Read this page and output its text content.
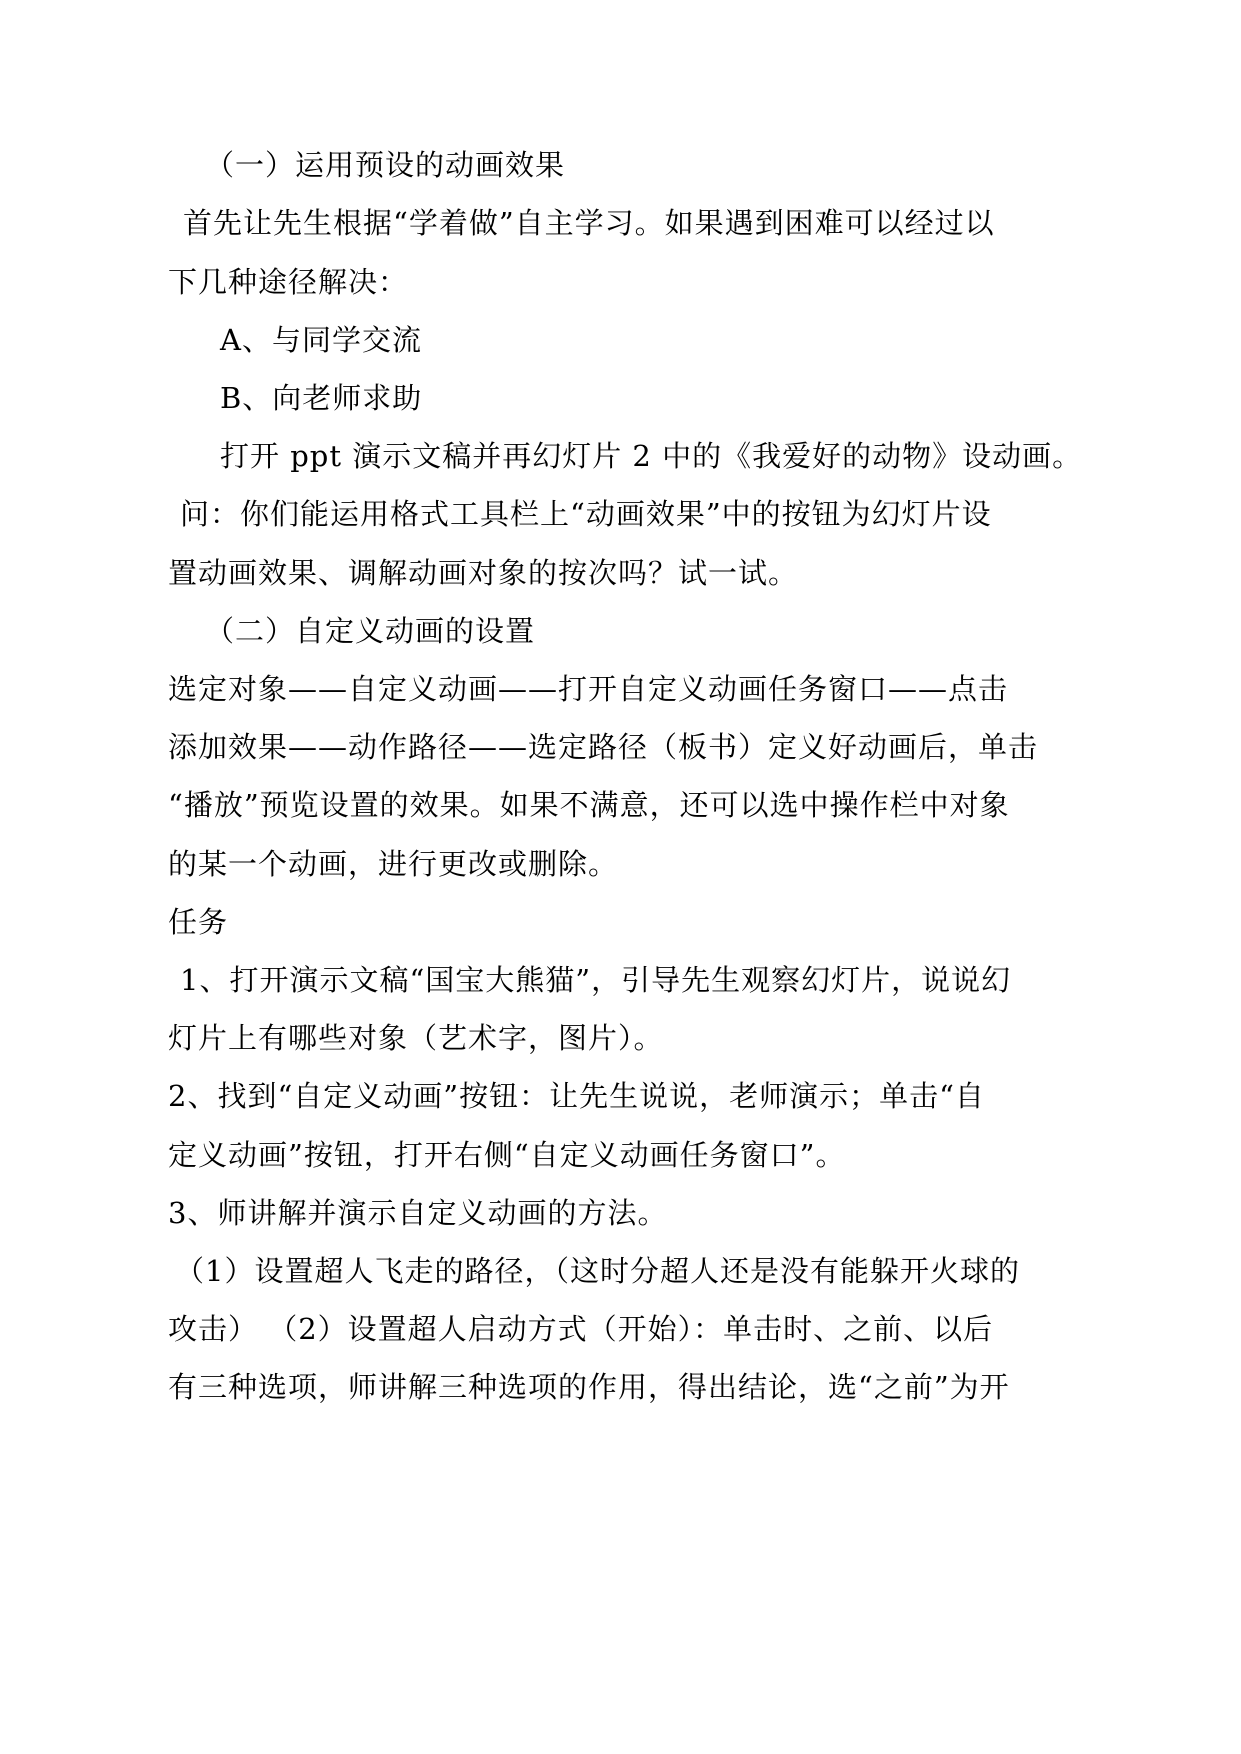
（一）运用预设的动画效果
首先让先生根据“学着做”自主学习。如果遇到困难可以经过以
下几种途径解决：
A、与同学交流
B、向老师求助
打开 ppt 演示文稿并再幻灯片 2 中的《我爱好的动物》设动画。
问：你们能运用格式工具栏上“动画效果”中的按钮为幻灯片设
置动画效果、调解动画对象的按次吗？试一试。
（二）自定义动画的设置
选定对象——自定义动画——打开自定义动画任务窗口——点击
添加效果——动作路径——选定路径（板书）定义好动画后，单击
“播放”预览设置的效果。如果不满意，还可以选中操作栏中对象
的某一个动画，进行更改或删除。
任务
1、打开演示文稿“国宝大熊猫”，引导先生观察幻灯片，说说幻
灯片上有哪些对象（艺术字，图片）。
2、找到“自定义动画”按钮：让先生说说，老师演示；单击“自
定义动画”按钮，打开右侧“自定义动画任务窗口”。
3、师讲解并演示自定义动画的方法。
（1）设置超人飞走的路径，（这时分超人还是没有能躲开火球的
攻击） （2）设置超人启动方式（开始）：单击时、之前、以后
有三种选项，师讲解三种选项的作用，得出结论，选“之前”为开
